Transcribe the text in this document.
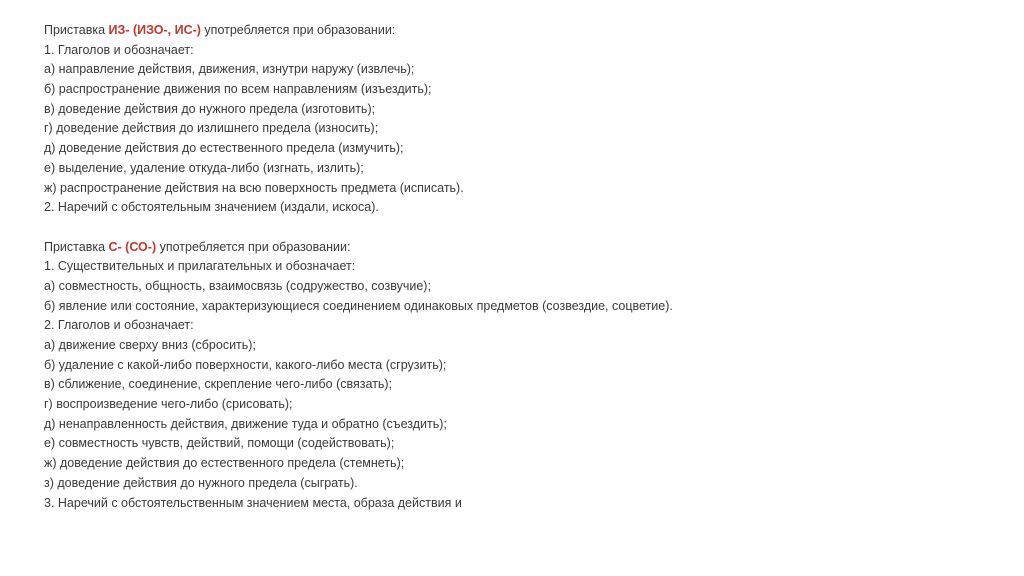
Приставка ИЗ- (ИЗО-, ИС-) употребляется при образовании:
1. Глаголов и обозначает:
а) направление действия, движения, изнутри наружу (извлечь);
б) распространение движения по всем направлениям (изъездить);
в) доведение действия до нужного предела (изготовить);
г) доведение действия до излишнего предела (износить);
д) доведение действия до естественного предела (измучить);
е) выделение, удаление откуда-либо (изгнать, излить);
ж) распространение действия на всю поверхность предмета (исписать).
2. Наречий с обстоятельным значением (издали, искоса).
Приставка С- (СО-) употребляется при образовании:
1. Существительных и прилагательных и обозначает:
а) совместность, общность, взаимосвязь (содружество, созвучие);
б) явление или состояние, характеризующиеся соединением одинаковых предметов (созвездие, соцветие).
2. Глаголов и обозначает:
а) движение сверху вниз (сбросить);
б) удаление с какой-либо поверхности, какого-либо места (сгрузить);
в) сближение, соединение, скрепление чего-либо (связать);
г) воспроизведение чего-либо (срисовать);
д) ненаправленность действия, движение туда и обратно (съездить);
е) совместность чувств, действий, помощи (содействовать);
ж) доведение действия до естественного предела (стемнеть);
з) доведение действия до нужного предела (сыграть).
3. Наречий с обстоятельственным значением места, образа действия и
